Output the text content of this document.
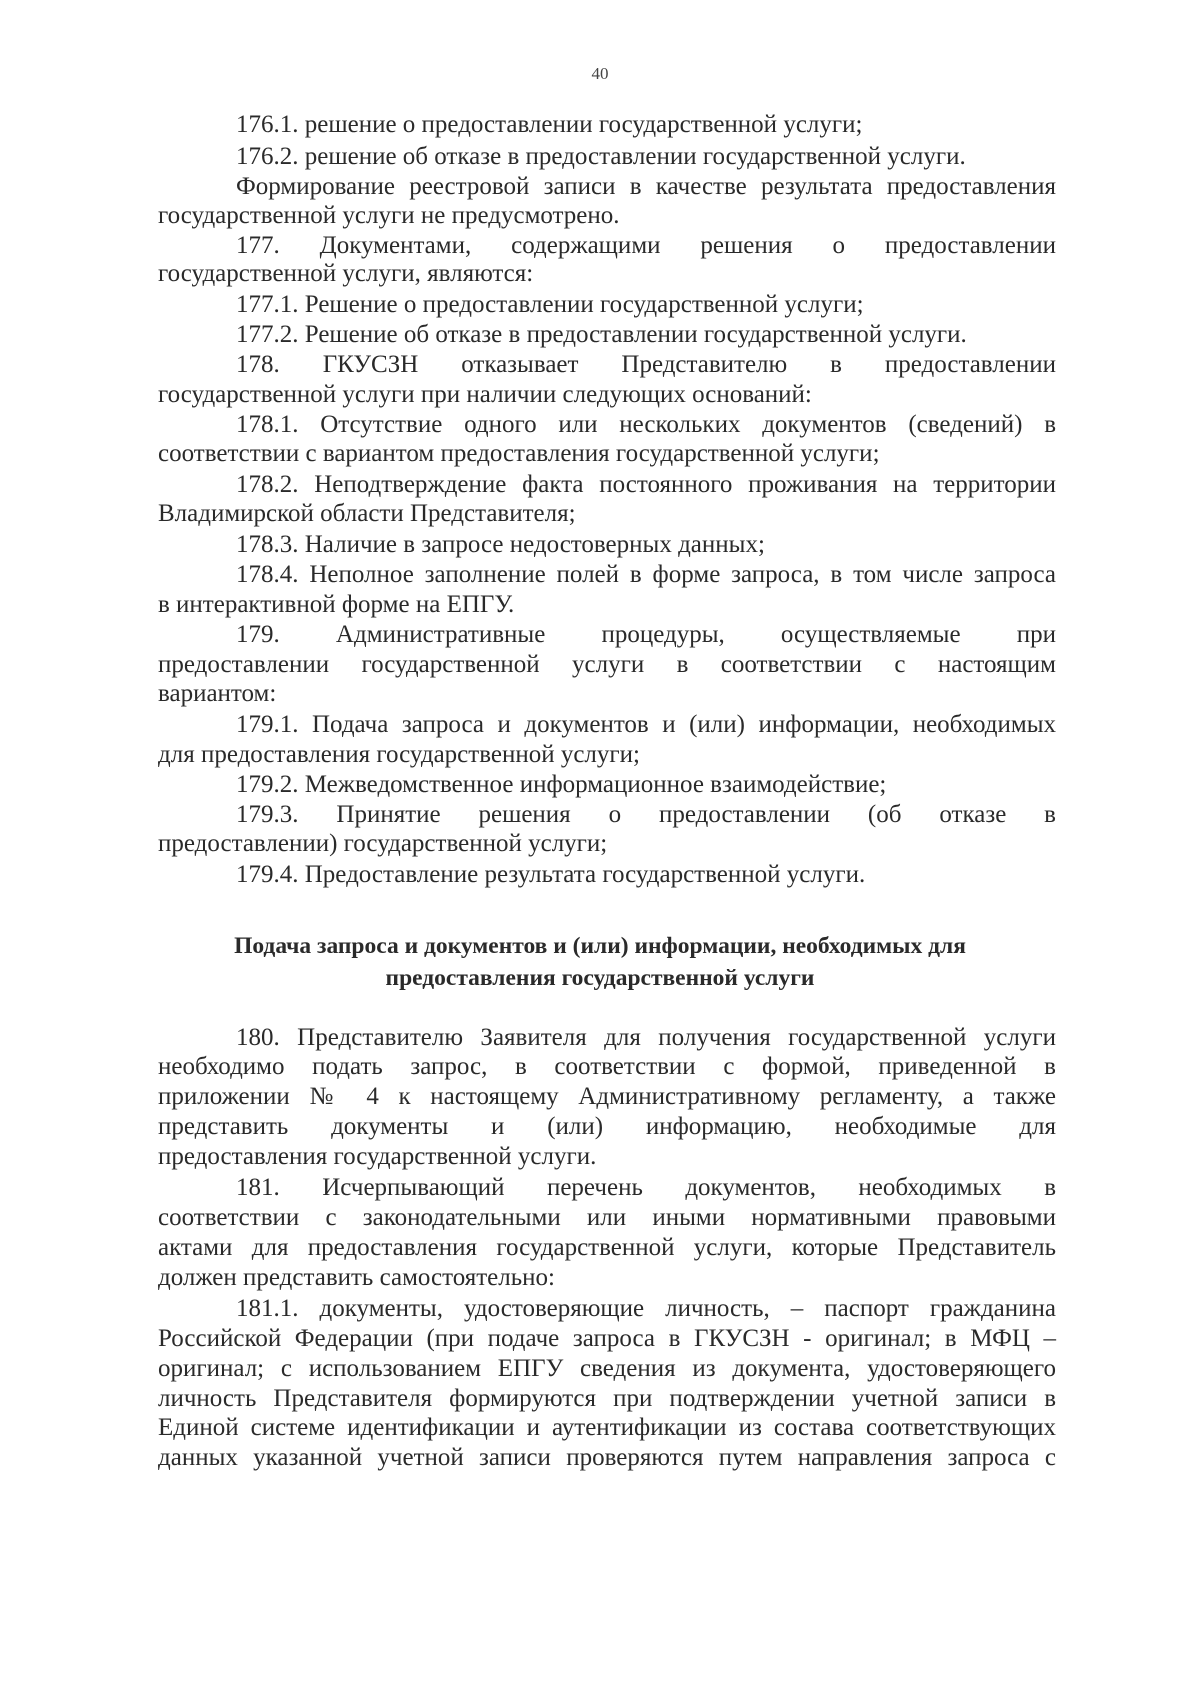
40
176.1. решение о предоставлении государственной услуги;
176.2. решение об отказе в предоставлении государственной услуги.
Формирование реестровой записи в качестве результата предоставления
государственной услуги не предусмотрено.
177. Документами, содержащими решения о предоставлении
государственной услуги, являются:
177.1. Решение о предоставлении государственной услуги;
177.2. Решение об отказе в предоставлении государственной услуги.
178. ГКУСЗН отказывает Представителю в предоставлении
государственной услуги при наличии следующих оснований:
178.1. Отсутствие одного или нескольких документов (сведений) в
соответствии с вариантом предоставления государственной услуги;
178.2. Неподтверждение факта постоянного проживания на территории
Владимирской области Представителя;
178.3. Наличие в запросе недостоверных данных;
178.4. Неполное заполнение полей в форме запроса, в том числе запроса
в интерактивной форме на ЕПГУ.
179. Административные процедуры, осуществляемые при
предоставлении государственной услуги в соответствии с настоящим
вариантом:
179.1. Подача запроса и документов и (или) информации, необходимых
для предоставления государственной услуги;
179.2. Межведомственное информационное взаимодействие;
179.3. Принятие решения о предоставлении (об отказе в
предоставлении) государственной услуги;
179.4. Предоставление результата государственной услуги.
Подача запроса и документов и (или) информации, необходимых для
предоставления государственной услуги
180. Представителю Заявителя для получения государственной услуги
необходимо подать запрос, в соответствии с формой, приведенной в
приложении № 4 к настоящему Административному регламенту, а также
представить документы и (или) информацию, необходимые для
предоставления государственной услуги.
181. Исчерпывающий перечень документов, необходимых в
соответствии с законодательными или иными нормативными правовыми
актами для предоставления государственной услуги, которые Представитель
должен представить самостоятельно:
181.1. документы, удостоверяющие личность, – паспорт гражданина
Российской Федерации (при подаче запроса в ГКУСЗН - оригинал; в МФЦ –
оригинал; с использованием ЕПГУ сведения из документа, удостоверяющего
личность Представителя формируются при подтверждении учетной записи в
Единой системе идентификации и аутентификации из состава соответствующих
данных указанной учетной записи проверяются путем направления запроса с
